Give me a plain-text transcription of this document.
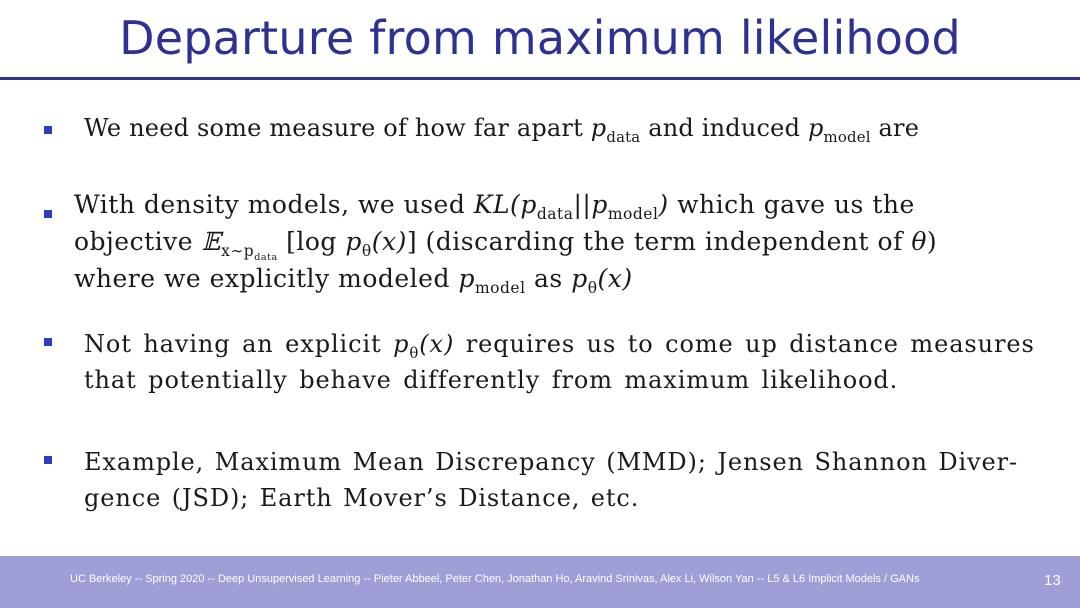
Departure from maximum likelihood
We need some measure of how far apart $p_{data}$ and induced $p_{model}$ are
With density models, we used $KL(p_{data}||p_{model})$ which gave us the
objective 𝔼$_{x\sim p_{data}}$ [log $p_\theta(x)$] (discarding the term independent of θ)
where we explicitly modeled $p_{model}$ as $p_\theta(x)$
Not having an explicit $p_\theta(x)$ requires us to come up distance measures
that potentially behave differently from maximum likelihood.
Example, Maximum Mean Discrepancy (MMD); Jensen Shannon Diver-
gence (JSD); Earth Mover’s Distance, etc.
UC Berkeley -- Spring 2020 -- Deep Unsupervised Learning -- Pieter Abbeel, Peter Chen, Jonathan Ho, Aravind Srinivas, Alex Li, Wilson Yan -- L5 & L6 Implicit Models / GANs	13
